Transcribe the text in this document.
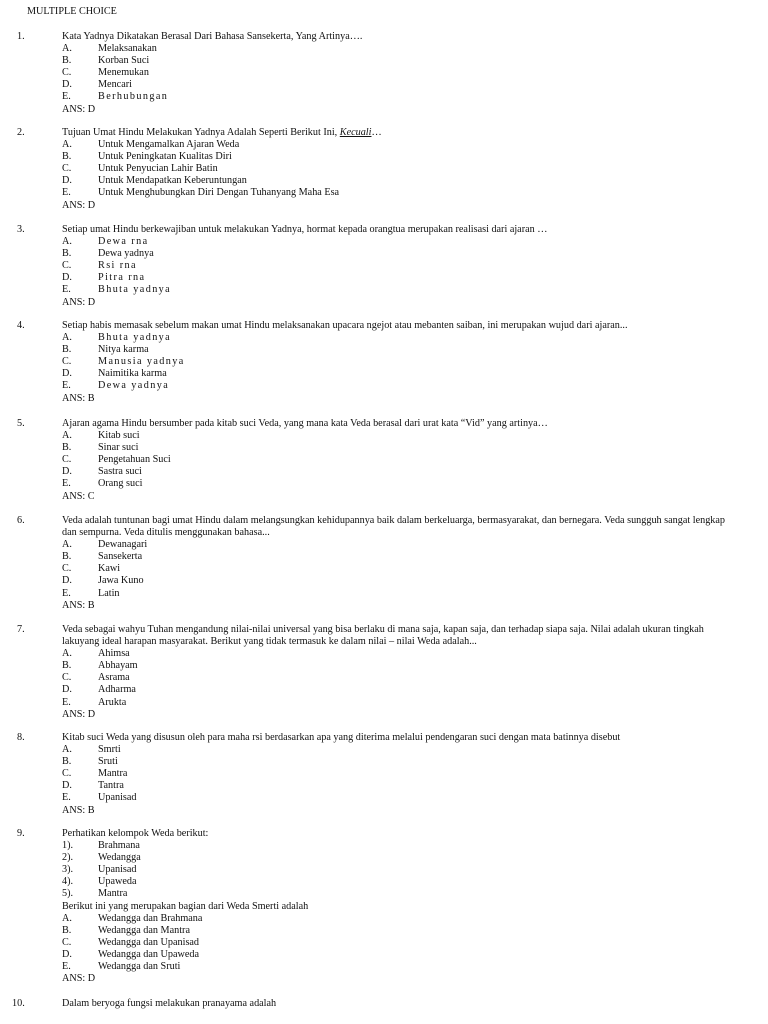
MULTIPLE CHOICE
1.	Kata Yadnya Dikatakan Berasal Dari Bahasa Sansekerta, Yang Artinya….
A.	Melaksanakan
B.	Korban Suci
C.	Menemukan
D.	Mencari
E.	Berhubungan
ANS: D
2.	Tujuan Umat Hindu Melakukan Yadnya Adalah Seperti Berikut Ini, Kecuali…
A.	Untuk Mengamalkan Ajaran Weda
B.	Untuk Peningkatan Kualitas Diri
C.	Untuk Penyucian Lahir Batin
D.	Untuk Mendapatkan Keberuntungan
E.	Untuk Menghubungkan Diri Dengan Tuhanyang Maha Esa
ANS: D
3.	Setiap umat Hindu berkewajiban untuk melakukan Yadnya, hormat kepada orangtua merupakan realisasi dari ajaran …
A.	Dewa rna
B.	Dewa yadnya
C.	Rsi rna
D.	Pitra rna
E.	Bhuta yadnya
ANS: D
4.	Setiap habis memasak sebelum makan umat Hindu melaksanakan upacara ngejot atau mebanten saiban, ini merupakan wujud dari ajaran...
A.	Bhuta yadnya
B.	Nitya karma
C.	Manusia yadnya
D.	Naimitika karma
E.	Dewa yadnya
ANS: B
5.	Ajaran agama Hindu bersumber pada kitab suci Veda, yang mana kata Veda berasal dari urat kata “Vid” yang artinya…
A.	Kitab suci
B.	Sinar suci
C.	Pengetahuan Suci
D.	Sastra suci
E.	Orang suci
ANS: C
6.	Veda adalah tuntunan bagi umat Hindu dalam melangsungkan kehidupannya baik dalam berkeluarga, bermasyarakat, dan bernegara. Veda sungguh sangat lengkap dan sempurna. Veda ditulis menggunakan bahasa...
A.	Dewanagari
B.	Sansekerta
C.	Kawi
D.	Jawa Kuno
E.	Latin
ANS: B
7.	Veda sebagai wahyu Tuhan mengandung nilai-nilai universal yang bisa berlaku di mana saja, kapan saja, dan terhadap siapa saja. Nilai adalah ukuran tingkah lakuyang ideal harapan masyarakat. Berikut yang tidak termasuk ke dalam nilai – nilai Weda adalah...
A.	Ahimsa
B.	Abhayam
C.	Asrama
D.	Adharma
E.	Arukta
ANS: D
8.	Kitab suci Weda yang disusun oleh para maha rsi berdasarkan apa yang diterima melalui pendengaran suci dengan mata batinnya disebut
A.	Smrti
B.	Sruti
C.	Mantra
D.	Tantra
E.	Upanisad
ANS: B
9.	Perhatikan kelompok Weda berikut:
1).	Brahmana
2).	Wedangga
3).	Upanisad
4).	Upaweda
5).	Mantra
Berikut ini yang merupakan bagian dari Weda Smerti adalah
A.	Wedangga dan Brahmana
B.	Wedangga dan Mantra
C.	Wedangga dan Upanisad
D.	Wedangga dan Upaweda
E.	Wedangga dan Sruti
ANS: D
10.	Dalam beryoga fungsi melakukan pranayama adalah
